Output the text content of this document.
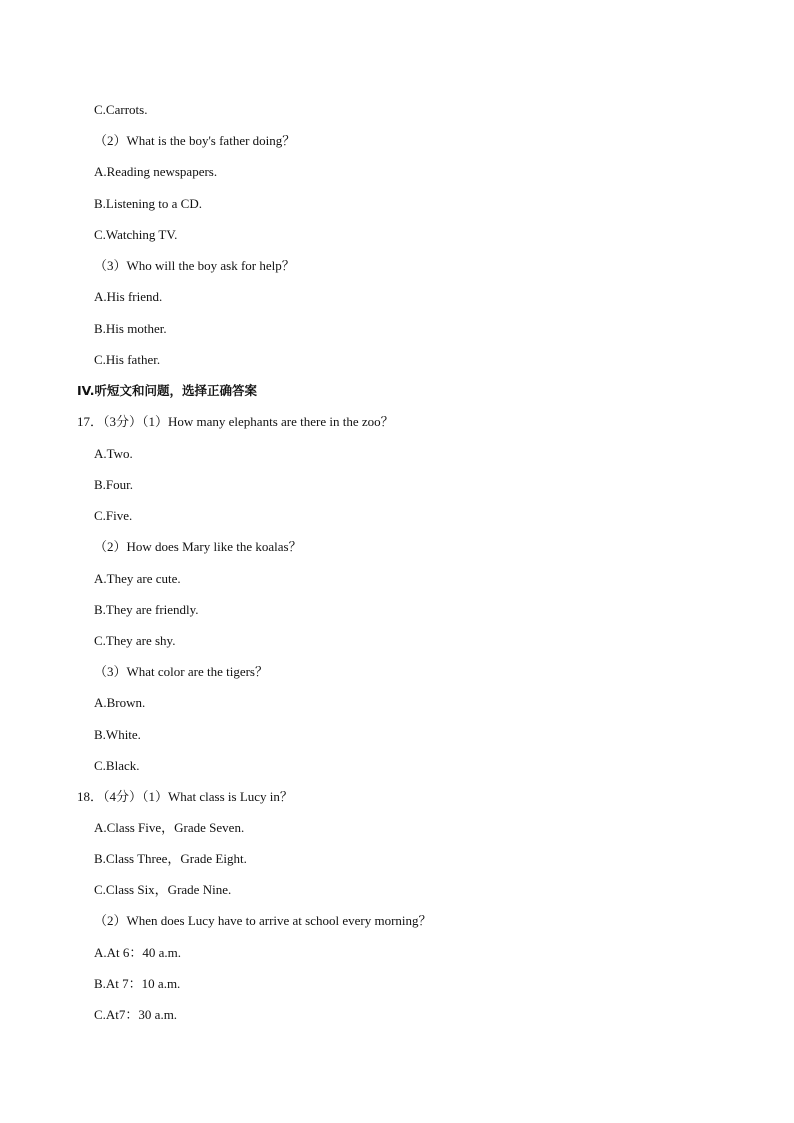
C.Carrots.
（2）What is the boy's father doing？
A.Reading newspapers.
B.Listening to a CD.
C.Watching TV.
（3）Who will the boy ask for help？
A.His friend.
B.His mother.
C.His father.
IV.听短文和问题，选择正确答案
17．（3分）（1）How many elephants are there in the zoo？
A.Two.
B.Four.
C.Five.
（2）How does Mary like the koalas？
A.They are cute.
B.They are friendly.
C.They are shy.
（3）What color are the tigers？
A.Brown.
B.White.
C.Black.
18．（4分）（1）What class is Lucy in？
A.Class Five，Grade Seven.
B.Class Three，Grade Eight.
C.Class Six，Grade Nine.
（2）When does Lucy have to arrive at school every morning？
A.At 6：40 a.m.
B.At 7：10 a.m.
C.At7：30 a.m.
